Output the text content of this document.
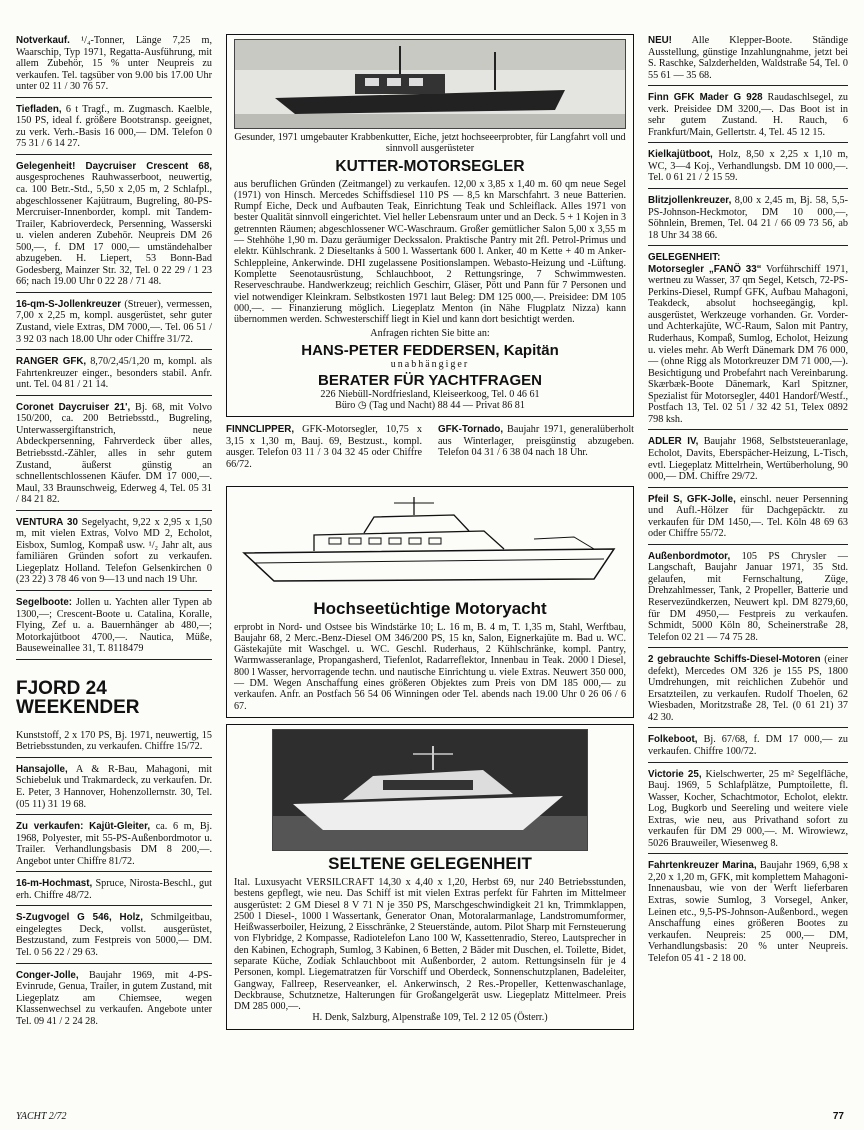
Notverkauf. ¹/₄-Tonner, Länge 7,25 m, Waarschip, Typ 1971, Regatta-Ausführung, mit allem Zubehör, 15 % unter Neupreis zu verkaufen. Tel. tagsüber von 9.00 bis 17.00 Uhr unter 02 11 / 30 76 57.
Tiefladen, 6 t Tragf., m. Zugmasch. Kaelble, 150 PS, ideal f. größere Bootstransp. geeignet, zu verk. Verh.-Basis 16 000,— DM. Telefon 0 75 31 / 6 14 27.
Gelegenheit! Daycruiser Crescent 68, ausgesprochenes Rauhwasserboot, neuwertig, ca. 100 Betr.-Std., 5,50 x 2,05 m, 2 Schlafpl., abgeschlossener Kajütraum, Bugreling, 80-PS-Mercruiser-Innenborder, kompl. mit Tandem-Trailer, Kabrioverdeck, Persenning, Wasserski u. vielen anderen Zubehör. Neupreis DM 26 500,—, f. DM 17 000,— umständehalber abzugeben. H. Liepert, 53 Bonn-Bad Godesberg, Mainzer Str. 32, Tel. 0 22 29 / 1 23 66; nach 19.00 Uhr 0 22 28 / 71 48.
16-qm-S-Jollenkreuzer (Streuer), vermessen, 7,00 x 2,25 m, kompl. ausgerüstet, sehr guter Zustand, viele Extras, DM 7000,—. Tel. 06 51 / 3 92 03 nach 18.00 Uhr oder Chiffre 31/72.
RANGER GFK, 8,70/2,45/1,20 m, kompl. als Fahrtenkreuzer einger., besonders stabil. Anfr. unt. Tel. 04 81 / 21 14.
Coronet Daycruiser 21', Bj. 68, mit Volvo 150/200, ca. 200 Betriebsstd., Bugreling, Unterwassergiftanstrich, neue Abdeckpersenning, Fahrverdeck über alles, Betriebsstd.-Zähler, alles in sehr gutem Zustand, äußerst günstig an schnellentschlossenen Käufer. DM 17 000,—. Maul, 33 Braunschweig, Ederweg 4, Tel. 05 31 / 84 21 82.
VENTURA 30 Segelyacht, 9,22 x 2,95 x 1,50 m, mit vielen Extras, Volvo MD 2, Echolot, Eisbox, Sumlog, Kompaß usw. ¹/₂ Jahr alt, aus familiären Gründen sofort zu verkaufen. Liegeplatz Holland. Telefon Gelsenkirchen 0 (23 22) 3 78 46 von 9—13 und nach 19 Uhr.
Segelboote: Jollen u. Yachten aller Typen ab 1300,—; Crescent-Boote u. Catalina, Koralle, Flying, Zef u. a. Bauernhänger ab 480,—; Motorkajütboot 4700,—. Nautica, Müße, Bauseweinallee 31, T. 8118479

FJORD 24
WEEKENDER

Kunststoff, 2 x 170 PS, Bj. 1971, neuwertig, 15 Betriebsstunden, zu verkaufen. Chiffre 15/72.

Hansajolle, A & R-Bau, Mahagoni, mit Schiebeluk und Trakmardeck, zu verkaufen. Dr. E. Peter, 3 Hannover, Hohenzollernstr. 30, Tel. (05 11) 31 19 68.
Zu verkaufen: Kajüt-Gleiter, ca. 6 m, Bj. 1968, Polyester, mit 55-PS-Außenbordmotor u. Trailer. Verhandlungsbasis DM 8 200,—. Angebot unter Chiffre 81/72.
16-m-Hochmast, Spruce, Nirosta-Beschl., gut erh. Chiffre 48/72.
S-Zugvogel G 546, Holz, Schmilgeitbau, eingelegtes Deck, vollst. ausgerüstet, Bestzustand, zum Festpreis von 5000,— DM. Tel. 0 56 22 / 29 63.
Conger-Jolle, Baujahr 1969, mit 4-PS-Evinrude, Genua, Trailer, in gutem Zustand, mit Liegeplatz am Chiemsee, wegen Klassenwechsel zu verkaufen. Angebote unter Tel. 09 41 / 2 24 28.
Gesunder, 1971 umgebauter Krabbenkutter, Eiche, jetzt hochseeerprobter, für Langfahrt voll und sinnvoll ausgerüsteter
KUTTER-MOTORSEGLER
aus beruflichen Gründen (Zeitmangel) zu verkaufen. 12,00 x 3,85 x 1,40 m. 60 qm neue Segel (1971) von Hinsch. Mercedes Schiffsdiesel 110 PS — 8,5 kn Marschfahrt. 3 neue Batterien. Rumpf Eiche, Deck und Aufbauten Teak, Einrichtung Teak und Schleiflack. Alles 1971 von bester Qualität sinnvoll eingerichtet. Viel heller Lebensraum unter und an Deck. 5 + 1 Kojen in 3 getrennten Räumen; abgeschlossener WC-Waschraum. Großer gemütlicher Salon 5,00 x 3,55 m — Stehhöhe 1,90 m. Dazu geräumiger Deckssalon. Praktische Pantry mit 2fl. Petrol-Primus und elektr. Kühlschrank. 2 Dieseltanks à 500 l. Wassertank 600 l. Anker, 40 m Kette + 40 m Anker-Schleppleine, Ankerwinde. DHI zugelassene Positionslampen. Webasto-Heizung und -Lüftung. Komplette Seenotausrüstung, Schlauchboot, 2 Rettungsringe, 7 Schwimmwesten. Reserveschraube. Handwerkzeug; reichlich Geschirr, Gläser, Pött und Pann für 7 Personen und viel notwendiger Kleinkram. Selbstkosten 1971 laut Beleg: DM 125 000,—. Preisidee: DM 105 000,—. — Finanzierung möglich. Liegeplatz Menton (in Nähe Flugplatz Nizza) kann übernommen werden. Schwesterschiff liegt in Kiel und kann dort besichtigt werden.
Anfragen richten Sie bitte an:
HANS-PETER FEDDERSEN, Kapitän
unabhängiger
BERATER FÜR YACHTFRAGEN
226 Niebüll-Nordfriesland, Kleiseerkoog, Tel. 0 46 61
Büro ◷ (Tag und Nacht) 88 44 — Privat 86 81
FINNCLIPPER, GFK-Motorsegler, 10,75 x 3,15 x 1,30 m, Bauj. 69, Bestzust., kompl. ausger. Telefon 03 11 / 3 04 32 45 oder Chiffre 66/72.
GFK-Tornado, Baujahr 1971, generalüberholt aus Winterlager, preisgünstig abzugeben. Telefon 04 31 / 6 38 04 nach 18 Uhr.
Hochseetüchtige Motoryacht
erprobt in Nord- und Ostsee bis Windstärke 10; L. 16 m, B. 4 m, T. 1,35 m, Stahl, Werftbau, Baujahr 68, 2 Merc.-Benz-Diesel OM 346/200 PS, 15 kn, Salon, Eignerkajüte m. Bad u. WC. Gästekajüte mit Waschgel. u. WC. Geschl. Ruderhaus, 2 Kühlschränke, kompl. Pantry, Warmwasseranlage, Propangasherd, Tiefenlot, Radarreflektor, Innenbau in Teak. 2000 l Diesel, 800 l Wasser, hervorragende techn. und nautische Einrichtung u. viele Extras. Neuwert 350 000,— DM. Wegen Anschaffung eines größeren Objektes zum Preis von DM 185 000,— zu verkaufen. Anfr. an Postfach 56 54 06 Winningen oder Tel. abends nach 19.00 Uhr 0 26 06 / 6 67.
SELTENE GELEGENHEIT
Ital. Luxusyacht VERSILCRAFT 14,30 x 4,40 x 1,20, Herbst 69, nur 240 Betriebsstunden, bestens gepflegt, wie neu. Das Schiff ist mit vielen Extras perfekt für Fahrten im Mittelmeer ausgerüstet: 2 GM Diesel 8 V 71 N je 350 PS, Marschgeschwindigkeit 21 kn, Trimmklappen, 2500 l Diesel-, 1000 l Wassertank, Generator Onan, Motoralarmanlage, Landstromumformer, Heißwasserboiler, Heizung, 2 Eisschränke, 2 Steuerstände, autom. Pilot Sharp mit Fernsteuerung von Flybridge, 2 Kompasse, Radiotelefon Lano 100 W, Kassettenradio, Stereo, Lautsprecher in den Kabinen, Echograph, Sumlog, 3 Kabinen, 6 Betten, 2 Bäder mit Duschen, el. Toilette, Bidet, separate Küche, Zodiak Schlauchboot mit Außenborder, 2 autom. Rettungsinseln für je 4 Personen, kompl. Liegematratzen für Vorschiff und Oberdeck, Sonnenschutzplanen, Badeleiter, Gangway, Fallreep, Reserveanker, el. Ankerwinsch, 2 Res.-Propeller, Kettenwaschanlage, Deckbrause, Schutznetze, Halterungen für Großangelgerät usw. Liegeplatz Mittelmeer. Preis DM 285 000,—.
H. Denk, Salzburg, Alpenstraße 109, Tel. 2 12 05 (Österr.)
NEU! Alle Klepper-Boote. Ständige Ausstellung, günstige Inzahlungnahme, jetzt bei S. Raschke, Salzderhelden, Waldstraße 54, Tel. 0 55 61 — 35 68.
Finn GFK Mader G 928 Raudaschlsegel, zu verk. Preisidee DM 3200,—. Das Boot ist in sehr gutem Zustand. H. Rauch, 6 Frankfurt/Main, Gellertstr. 4, Tel. 45 12 15.
Kielkajütboot, Holz, 8,50 x 2,25 x 1,10 m, WC, 3—4 Koj., Verhandlungsb. DM 10 000,—. Tel. 0 61 21 / 2 15 59.
Blitzjollenkreuzer, 8,00 x 2,45 m, Bj. 58, 5,5-PS-Johnson-Heckmotor, DM 10 000,—, Söhnlein, Bremen, Tel. 04 21 / 66 09 73 56, ab 18 Uhr 34 38 66.
GELEGENHEIT:
Motorsegler „FANÖ 33“ Vorführschiff 1971, wertneu zu Wasser, 37 qm Segel, Ketsch, 72-PS-Perkins-Diesel, Rumpf GFK, Aufbau Mahagoni, Teakdeck, absolut hochseegängig, kpl. ausgerüstet, Werkzeuge vorhanden. Gr. Vorder- und Achterkajüte, WC-Raum, Salon mit Pantry, Ruderhaus, Kompaß, Sumlog, Echolot, Heizung u. vieles mehr. Ab Werft Dänemark DM 76 000,— (ohne Rigg als Motorkreuzer DM 71 000,—). Besichtigung und Probefahrt nach Vereinbarung. Skærbæk-Boote Dänemark, Karl Spitzner, Spezialist für Motorsegler, 4401 Handorf/Westf., Postfach 13, Tel. 02 51 / 32 42 51, Telex 0892 798 ksh.
ADLER IV, Baujahr 1968, Selbststeueranlage, Echolot, Davits, Eberspächer-Heizung, L-Tisch, evtl. Liegeplatz Mittelrhein, Wertüberholung, 90 000,— DM. Chiffre 29/72.
Pfeil S, GFK-Jolle, einschl. neuer Persenning und Aufl.-Hölzer für Dachgepäcktr. zu verkaufen für DM 1450,—. Tel. Köln 48 69 63 oder Chiffre 55/72.
Außenbordmotor, 105 PS Chrysler — Langschaft, Baujahr Januar 1971, 35 Std. gelaufen, mit Fernschaltung, Züge, Drehzahlmesser, Tank, 2 Propeller, Batterie und Reservezündkerzen, Neuwert kpl. DM 8279,60, für DM 4950,— Festpreis zu verkaufen. Schmidt, 5000 Köln 80, Scheinerstraße 28, Telefon 02 21 — 74 75 28.
2 gebrauchte Schiffs-Diesel-Motoren (einer defekt), Mercedes OM 326 je 155 PS, 1800 Umdrehungen, mit reichlichen Zubehör und Ersatzteilen, zu verkaufen. Rudolf Thoelen, 62 Wiesbaden, Moritzstraße 28, Tel. (0 61 21) 37 42 30.
Folkeboot, Bj. 67/68, f. DM 17 000,— zu verkaufen. Chiffre 100/72.
Victorie 25, Kielschwerter, 25 m² Segelfläche, Bauj. 1969, 5 Schlafplätze, Pumptoilette, fl. Wasser, Kocher, Schachtmotor, Echolot, elektr. Log, Bugkorb und Seereling und weitere viele Extras, wie neu, aus Privathand sofort zu verkaufen für DM 29 000,—. M. Wirowiewz, 5026 Brauweiler, Wiesenweg 8.
Fahrtenkreuzer Marina, Baujahr 1969, 6,98 x 2,20 x 1,20 m, GFK, mit komplettem Mahagoni-Innenausbau, wie von der Werft lieferbaren Extras, sowie Sumlog, 3 Vorsegel, Anker, Leinen etc., 9,5-PS-Johnson-Außenbord., wegen Anschaffung eines größeren Bootes zu verkaufen. Neupreis: 25 000,— DM, Verhandlungsbasis: 20 % unter Neupreis. Telefon 05 41 - 2 18 00.
YACHT 2/72	77
